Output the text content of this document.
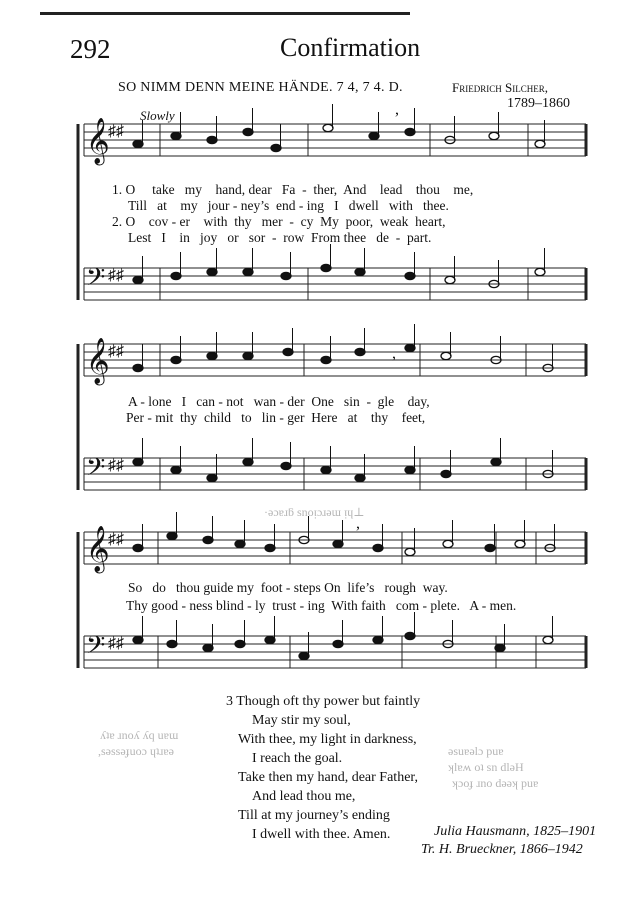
292	Confirmation
SO NIMM DENN MEINE HÄNDE. 7 4, 7 4. D.	Friedrich Silcher,
1789–1860
Slowly
𝄞
♯♯
𝄢 ♯♯
𝄞
♯♯
𝄢 ♯♯
𝄞
♯♯
𝄢 ♯♯
,
,
,
1. O     take   my    hand, dear   Fa  -  ther,  And    lead    thou    me,
Till   at    my   jour - ney’s  end - ing   I   dwell   with   thee.
2. O    cov - er    with  thy   mer  -  cy  My  poor,  weak  heart,
Lest   I    in   joy   or   sor  -  row  From thee   de  -  part.
A - lone   I   can - not   wan - der  One   sin  -  gle    day,
Per - mit  thy  child   to   lin - ger  Here   at    thy    feet,
So   do   thou guide my  foot - steps On  life’s   rough  way.
Thy good - ness blind - ly  trust - ing  With faith   com - plete.   A - men.
·ǝɔɐɹƃ snoᴉɔɹǝɯ ᴉɥ⊥
ʎʇɐ ɹnoʎ ʎq uɐɯ
,sǝssǝɟuoɔ ɥʇɹɐǝ	ǝsuɐǝlɔ puɐ
ʞlɐʍ oʇ sn dlǝH
ʞɔoɟ ɹno dǝǝʞ puɐ
3 Though oft thy power but faintly
May stir my soul,
With thee, my light in darkness,
I reach the goal.
Take then my hand, dear Father,
And lead thou me,
Till at my journey’s ending
I dwell with thee. Amen.	Julia Hausmann, 1825–1901
Tr. H. Brueckner, 1866–1942
